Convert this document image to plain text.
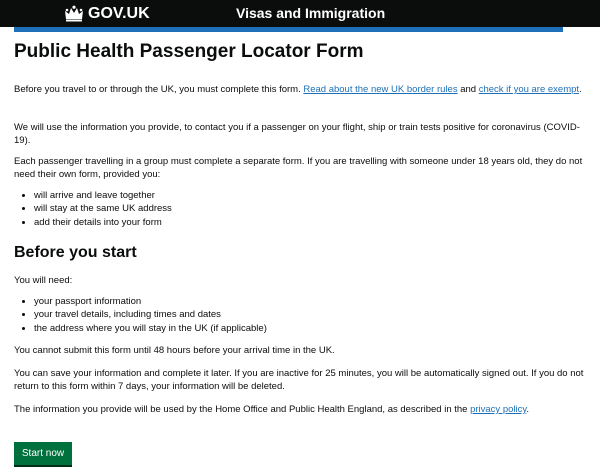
GOV.UK	Visas and Immigration
Public Health Passenger Locator Form

Before you travel to or through the UK, you must complete this form. Read about the new UK border rules and check if you are exempt.

We will use the information you provide, to contact you if a passenger on your flight, ship or train tests positive for coronavirus (COVID-19).

Each passenger travelling in a group must complete a separate form. If you are travelling with someone under 18 years old, they do not need their own form, provided you:

• will arrive and leave together
• will stay at the same UK address
• add their details into your form
Before you start

You will need:

• your passport information
• your travel details, including times and dates
• the address where you will stay in the UK (if applicable)

You cannot submit this form until 48 hours before your arrival time in the UK.

You can save your information and complete it later. If you are inactive for 25 minutes, you will be automatically signed out. If you do not return to this form within 7 days, your information will be deleted.

The information you provide will be used by the Home Office and Public Health England, as described in the privacy policy.

Start now
